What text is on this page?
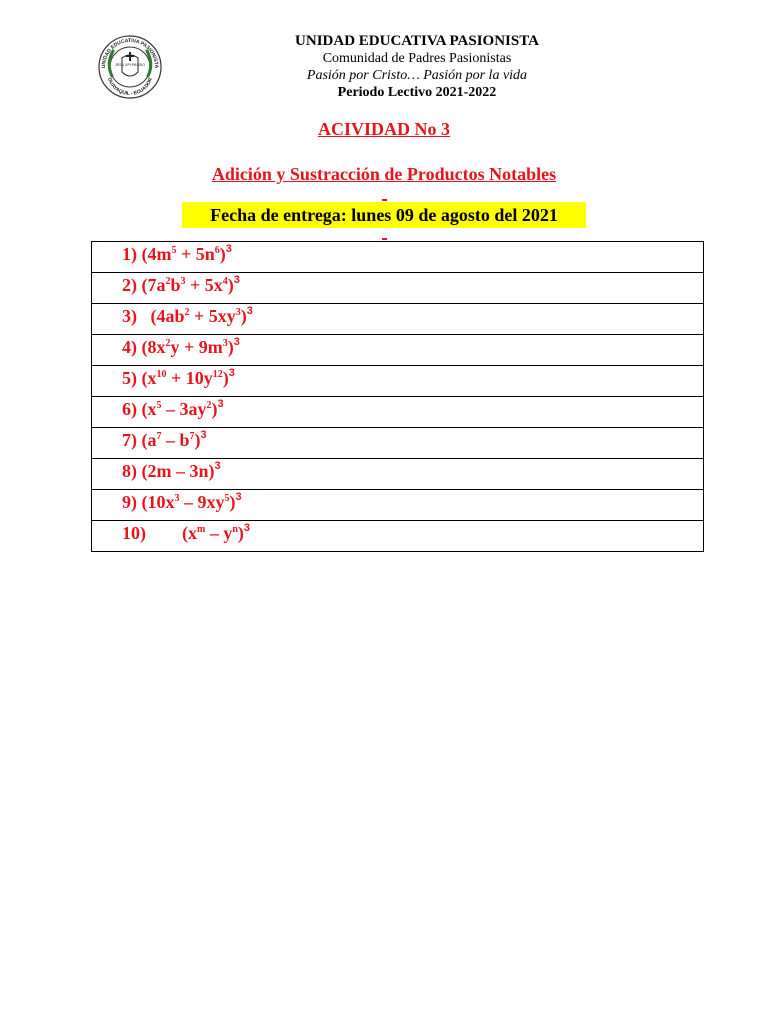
UNIDAD EDUCATIVA PASIONISTA
GUAYAQUIL - ECUADOR
JESU XPI PASSIO
UNIDAD EDUCATIVA PASIONISTA
Comunidad de Padres Pasionistas
Pasión por Cristo… Pasión por la vida
Periodo Lectivo 2021-2022
ACIVIDAD No 3
Adición y Sustracción de Productos Notables
Fecha de entrega: lunes 09 de agosto del 2021
1) $(4m^5 + 5n^6)^3$
2) $(7a^2b^3 + 5x^4)^3$
3)   $(4ab^2 + 5xy^3)^3$
4) $(8x^2y + 9m^3)^3$
5) $(x^{10} + 10y^{12})^3$
6) $(x^5 - 3ay^2)^3$
7) $(a^7 - b^7)^3$
8) (2m – 3n)$^3$
9) $(10x^3 - 9xy^5)^3$
10)        $(x^m - y^n)^3$
